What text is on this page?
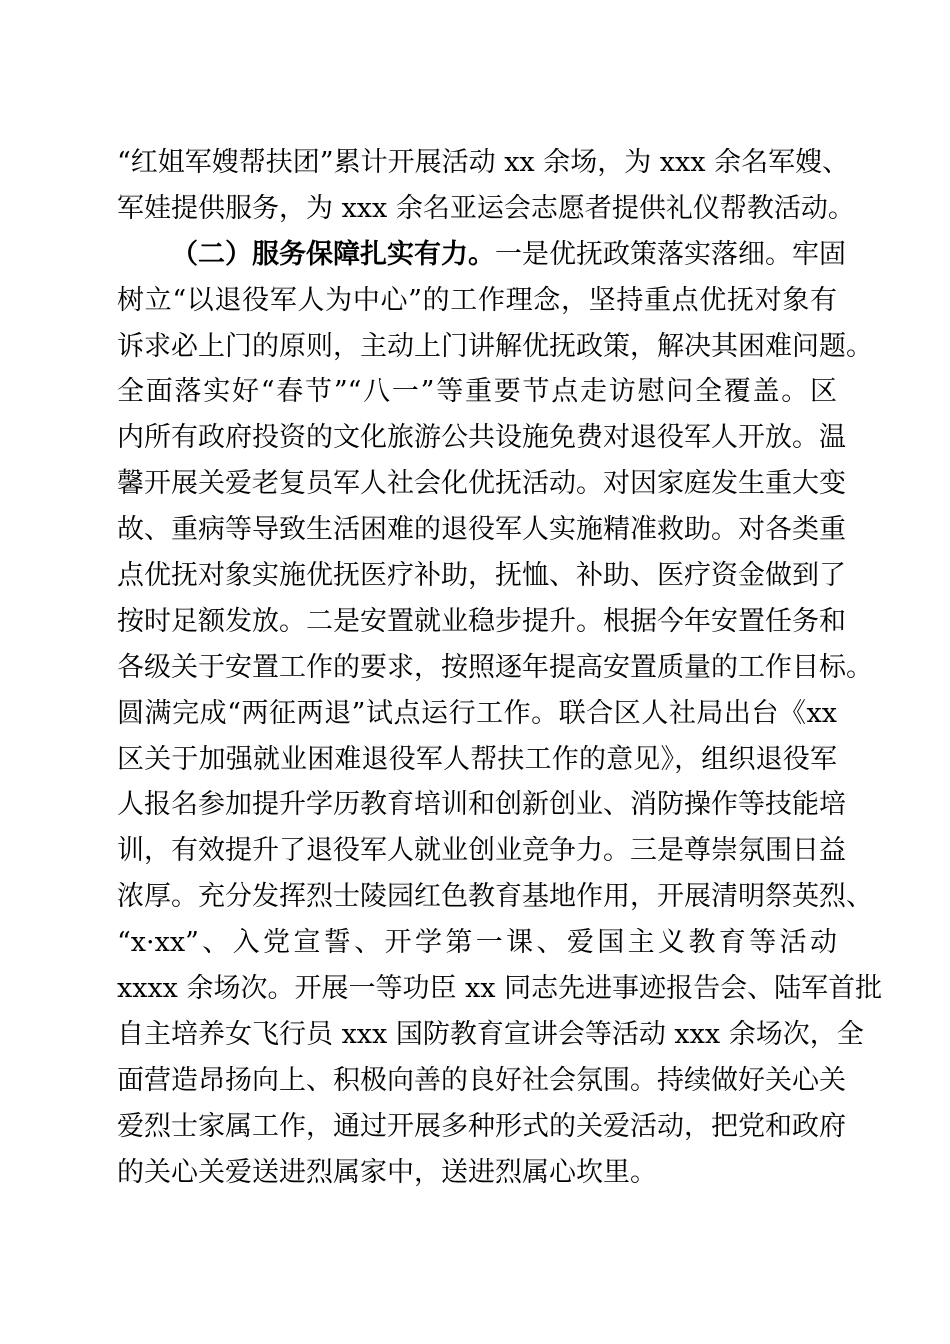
“红姐军嫂帮扶团”累计开展活动 xx 余场，为 xxx 余名军嫂、
军娃提供服务，为 xxx 余名亚运会志愿者提供礼仪帮教活动。
（二）服务保障扎实有力。一是优抚政策落实落细。牢固
树立“以退役军人为中心”的工作理念，坚持重点优抚对象有
诉求必上门的原则，主动上门讲解优抚政策，解决其困难问题。
全面落实好“春节”“八一”等重要节点走访慰问全覆盖。区
内所有政府投资的文化旅游公共设施免费对退役军人开放。温
馨开展关爱老复员军人社会化优抚活动。对因家庭发生重大变
故、重病等导致生活困难的退役军人实施精准救助。对各类重
点优抚对象实施优抚医疗补助，抚恤、补助、医疗资金做到了
按时足额发放。二是安置就业稳步提升。根据今年安置任务和
各级关于安置工作的要求，按照逐年提高安置质量的工作目标。
圆满完成“两征两退”试点运行工作。联合区人社局出台《xx
区关于加强就业困难退役军人帮扶工作的意见》，组织退役军
人报名参加提升学历教育培训和创新创业、消防操作等技能培
训，有效提升了退役军人就业创业竞争力。三是尊崇氛围日益
浓厚。充分发挥烈士陵园红色教育基地作用，开展清明祭英烈、
“x·xx”、入党宣誓、开学第一课、爱国主义教育等活动
xxxx 余场次。开展一等功臣 xx 同志先进事迹报告会、陆军首批
自主培养女飞行员 xxx 国防教育宣讲会等活动 xxx 余场次，全
面营造昂扬向上、积极向善的良好社会氛围。持续做好关心关
爱烈士家属工作，通过开展多种形式的关爱活动，把党和政府
的关心关爱送进烈属家中，送进烈属心坎里。
